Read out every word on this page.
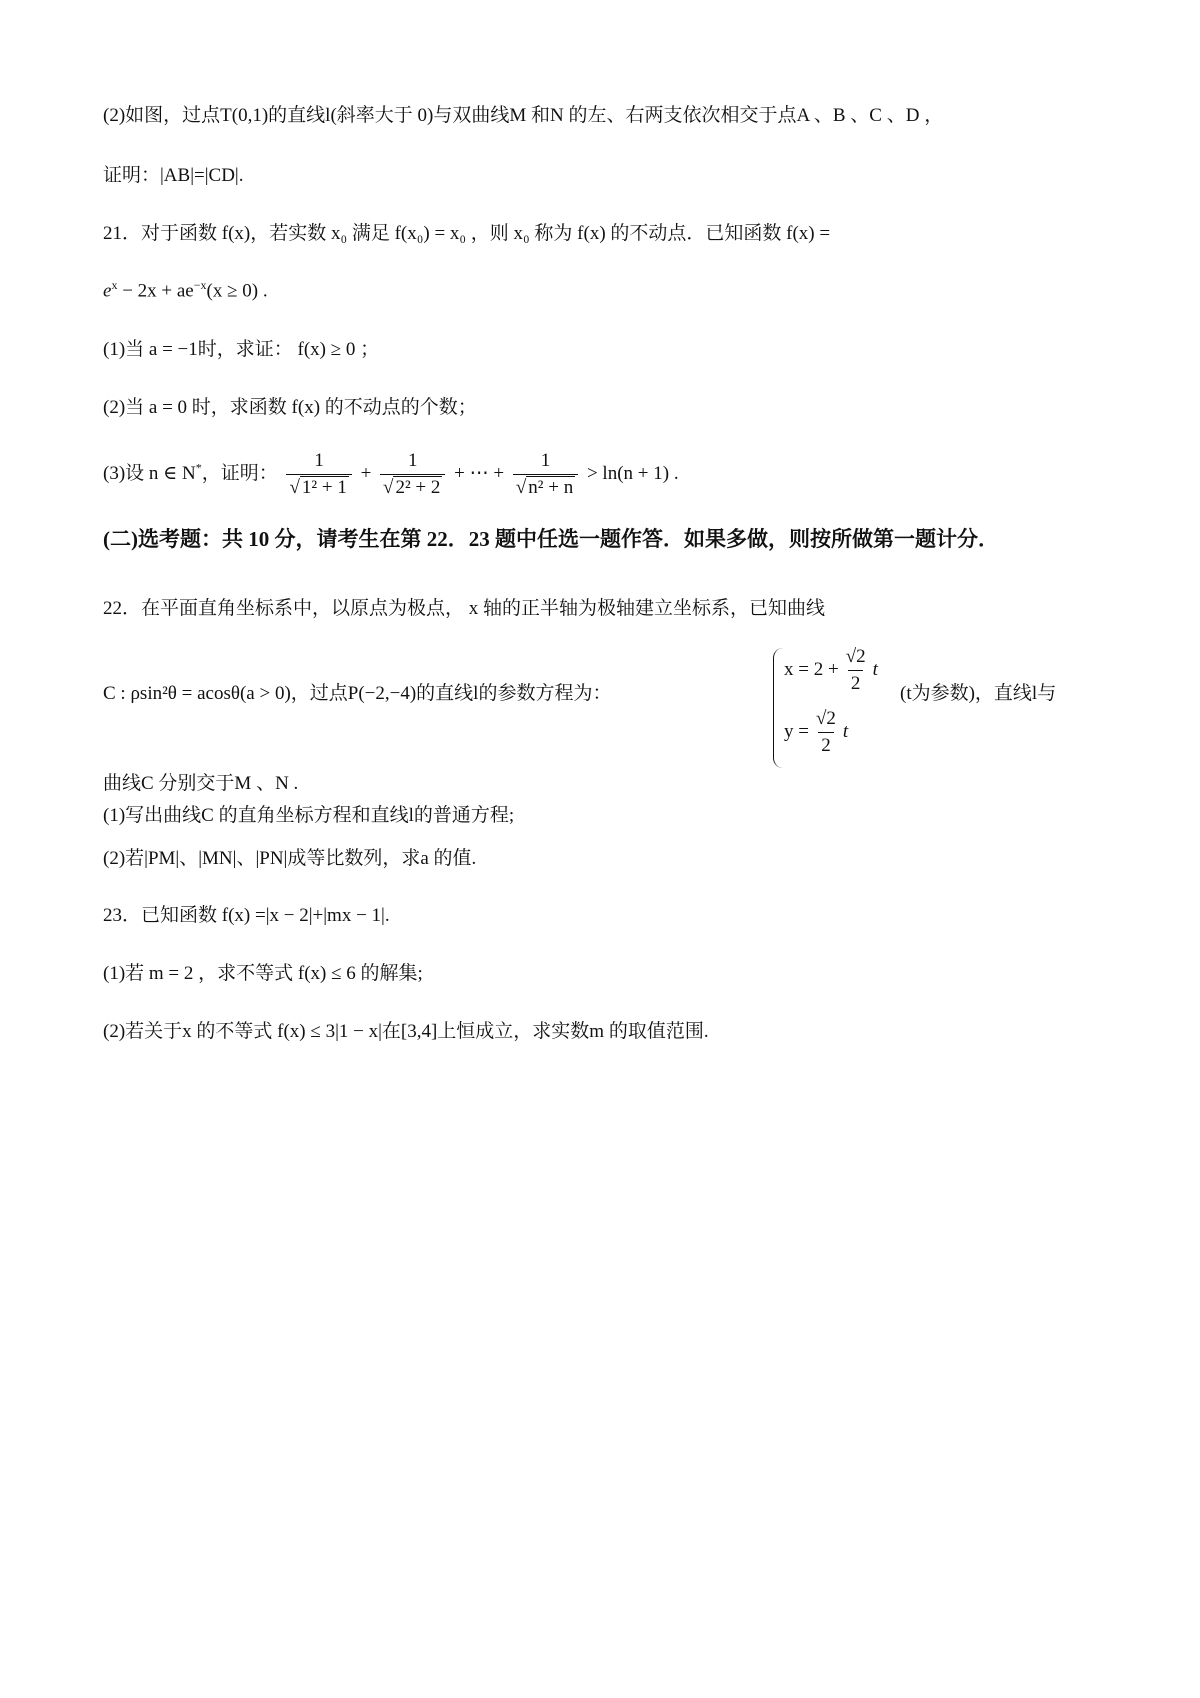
(2)如图，过点T(0,1)的直线l(斜率大于 0)与双曲线M 和N 的左、右两支依次相交于点A 、B 、C 、D ，
证明：|AB|=|CD|.
21．对于函数 f(x)，若实数 x₀ 满足 f(x₀) = x₀ ，则 x₀ 称为 f(x) 的不动点．已知函数 f(x) =
$e^x - 2x + ae^{-x}(x \ge 0)$ .
(1)当 a = −1时，求证： f(x) ≥ 0 ；
(2)当 a = 0 时，求函数 f(x) 的不动点的个数；
(3)设 n ∈ N*，证明： $\frac{1}{\text{√ 1² + 1}} + \frac{1}{\text{√ 2² + 2}}$ + ⋯ + $\frac{1}{\text{√ n² + n}} > \ln(n + 1)$ .
(二)选考题：共 10 分，请考生在第 22．23 题中任选一题作答．如果多做，则按所做第一题计分．
22．在平面直角坐标系中，以原点为极点， x 轴的正半轴为极轴建立坐标系，已知曲线
C : ρsin²θ = acosθ(a > 0)，过点P(−2,−4)的直线l的参数方程为：
$x = 2 + \frac{√2}{2}$ t
$y = \frac{√2}{2}$ t
(t为参数)，直线l与
曲线C 分别交于M 、N .
(1)写出曲线C 的直角坐标方程和直线l的普通方程;
(2)若|PM|、|MN|、|PN|成等比数列，求a 的值.
23．已知函数 f(x) =|x − 2|+|mx − 1|.
(1)若 m = 2 ，求不等式 f(x) ≤ 6 的解集;
(2)若关于x 的不等式 f(x) ≤ 3|1 − x|在[3,4]上恒成立，求实数m 的取值范围.
